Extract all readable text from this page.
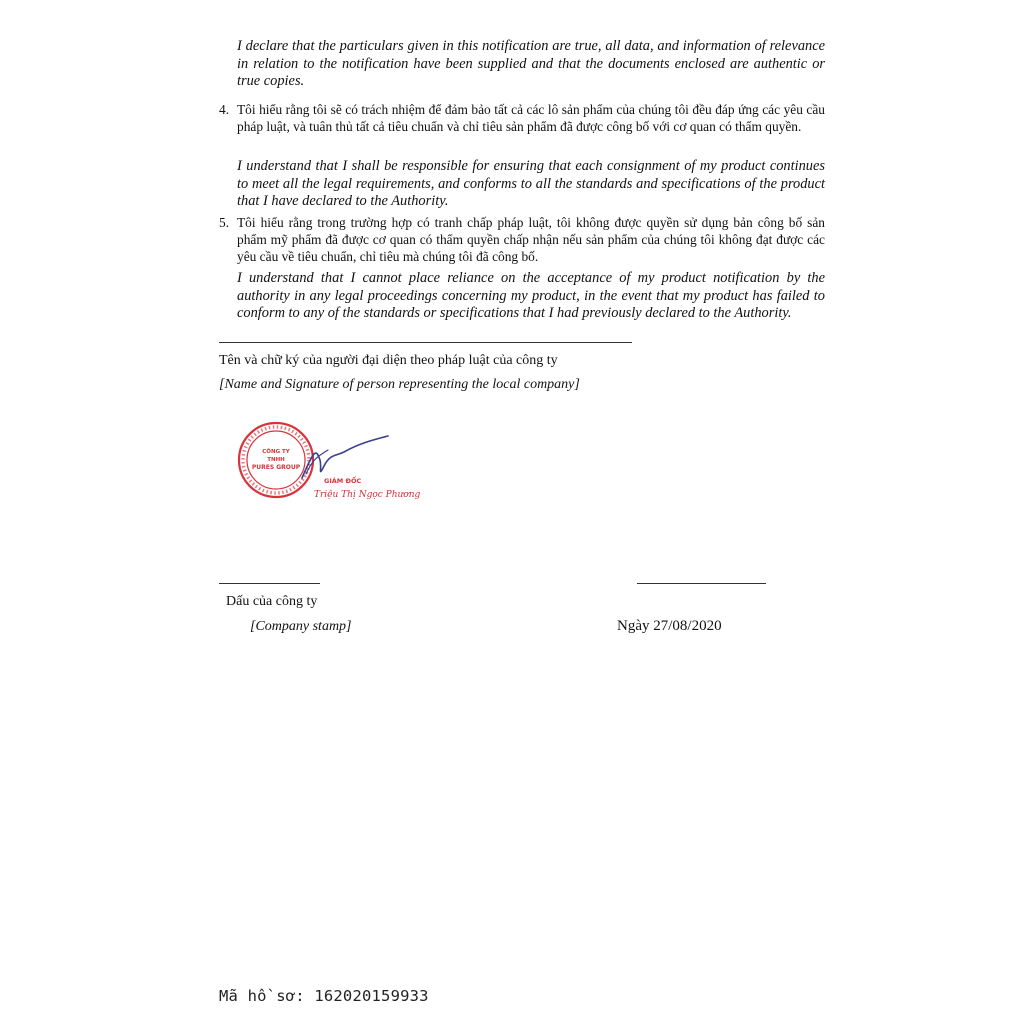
I declare that the particulars given in this notification are true, all data, and information of relevance in relation to the notification have been supplied and that the documents enclosed are authentic or true copies.

4. Tôi hiểu rằng tôi sẽ có trách nhiệm để đảm bảo tất cả các lô sản phẩm của chúng tôi đều đáp ứng các yêu cầu pháp luật, và tuân thủ tất cả tiêu chuẩn và chỉ tiêu sản phẩm đã được công bố với cơ quan có thẩm quyền.

I understand that I shall be responsible for ensuring that each consignment of my product continues to meet all the legal requirements, and conforms to all the standards and specifications of the product that I have declared to the Authority.

5. Tôi hiểu rằng trong trường hợp có tranh chấp pháp luật, tôi không được quyền sử dụng bản công bố sản phẩm mỹ phẩm đã được cơ quan có thẩm quyền chấp nhận nếu sản phẩm của chúng tôi không đạt được các yêu cầu về tiêu chuẩn, chỉ tiêu mà chúng tôi đã công bố.

I understand that I cannot place reliance on the acceptance of my product notification by the authority in any legal proceedings concerning my product, in the event that my product has failed to conform to any of the standards or specifications that I had previously declared to the Authority.

Tên và chữ ký của người đại diện theo pháp luật của công ty
[Name and Signature of person representing the local company]
CÔNG TY
TNHH
PURES GROUP
GIÁM ĐỐC
Triệu Thị Ngọc Phương
Dấu của công ty
[Company stamp]	Ngày 27/08/2020
Mã hồ sơ: 162020159933
